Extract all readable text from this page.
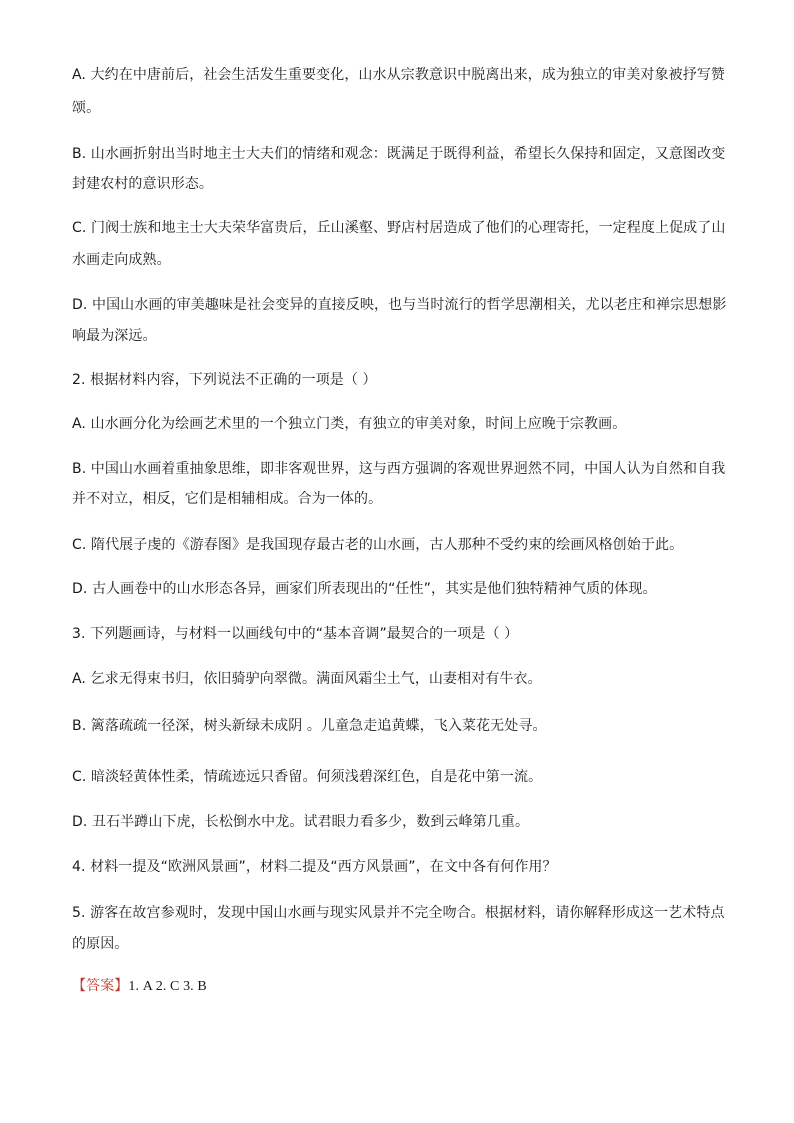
A. 大约在中唐前后，社会生活发生重要变化，山水从宗教意识中脱离出来，成为独立的审美对象被抒写赞
颂。
B. 山水画折射出当时地主士大夫们的情绪和观念：既满足于既得利益，希望长久保持和固定，又意图改变
封建农村的意识形态。
C. 门阀士族和地主士大夫荣华富贵后，丘山溪壑、野店村居造成了他们的心理寄托，一定程度上促成了山
水画走向成熟。
D. 中国山水画的审美趣味是社会变异的直接反映，也与当时流行的哲学思潮相关，尤以老庄和禅宗思想影
响最为深远。
2. 根据材料内容，下列说法不正确的一项是（ ）
A. 山水画分化为绘画艺术里的一个独立门类，有独立的审美对象，时间上应晚于宗教画。
B. 中国山水画着重抽象思维，即非客观世界，这与西方强调的客观世界迥然不同，中国人认为自然和自我
并不对立，相反，它们是相辅相成。合为一体的。
C. 隋代展子虔的《游春图》是我国现存最古老的山水画，古人那种不受约束的绘画风格创始于此。
D. 古人画卷中的山水形态各异，画家们所表现出的“任性”，其实是他们独特精神气质的体现。
3. 下列题画诗，与材料一以画线句中的“基本音调”最契合的一项是（ ）
A. 乞求无得束书归，依旧骑驴向翠微。满面风霜尘土气，山妻相对有牛衣。
B. 篱落疏疏一径深，树头新绿未成阴 。儿童急走追黄蝶，飞入菜花无处寻。
C. 暗淡轻黄体性柔，情疏迹远只香留。何须浅碧深红色，自是花中第一流。
D. 丑石半蹲山下虎，长松倒水中龙。试君眼力看多少，数到云峰第几重。
4. 材料一提及“欧洲风景画”，材料二提及“西方风景画”，在文中各有何作用？
5. 游客在故宫参观时，发现中国山水画与现实风景并不完全吻合。根据材料，请你解释形成这一艺术特点
的原因。
【答案】1. A 2. C 3. B
